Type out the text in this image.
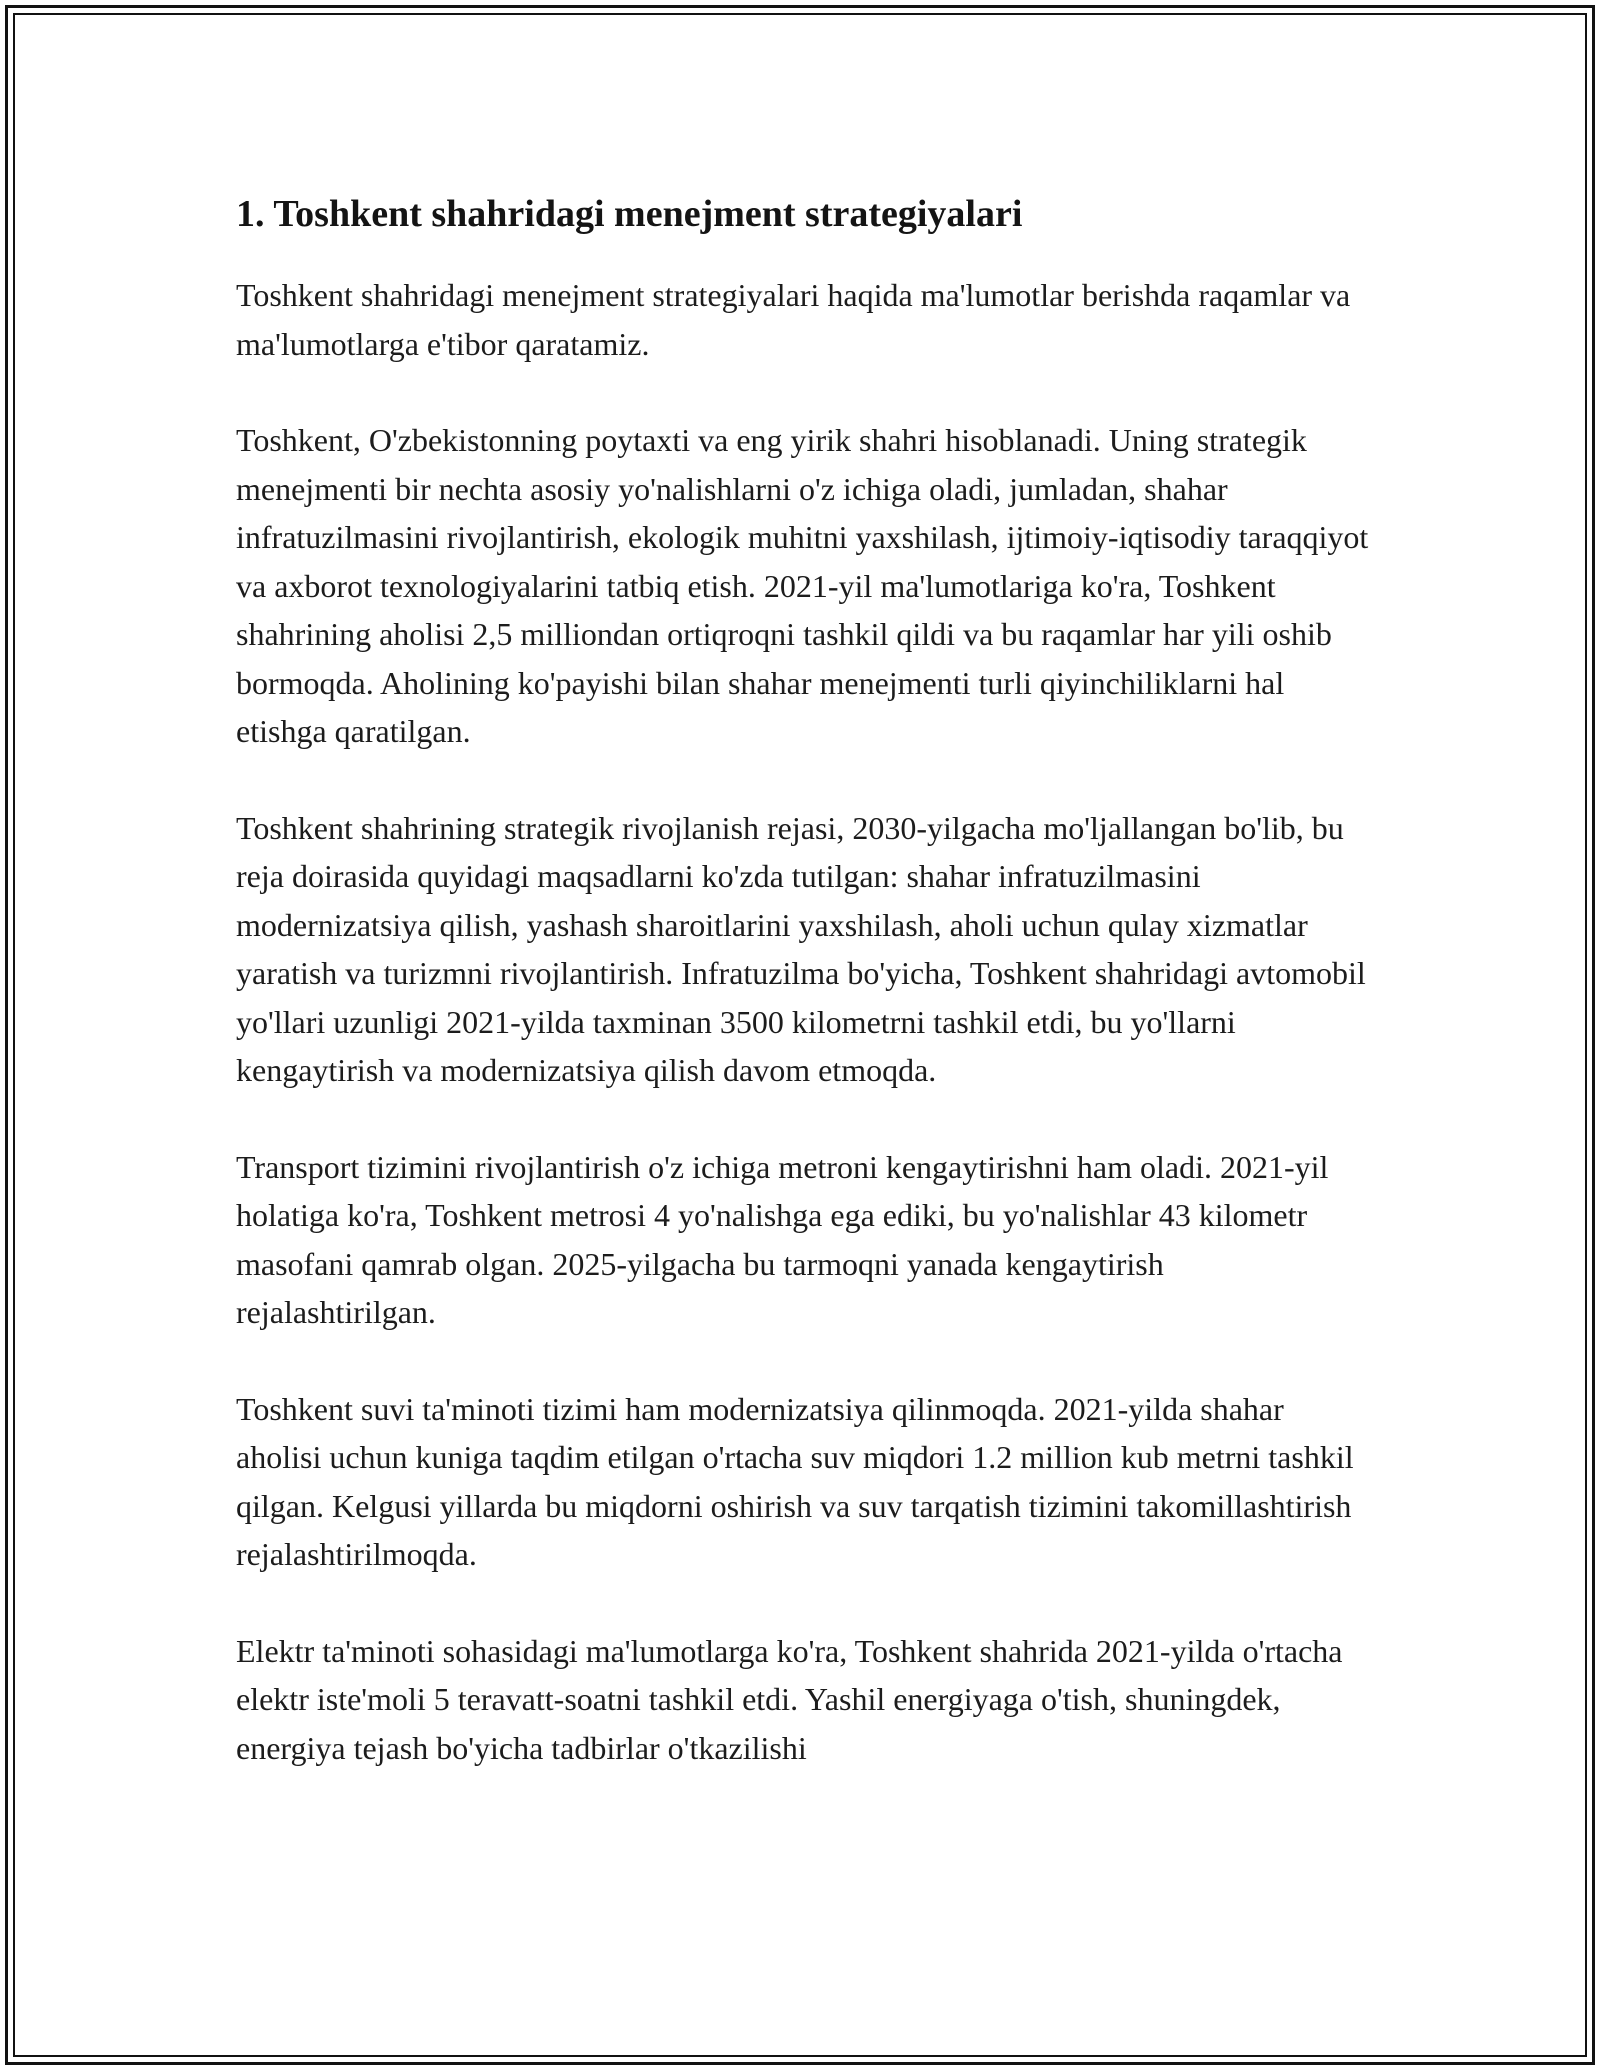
1. Toshkent shahridagi menejment strategiyalari

Toshkent shahridagi menejment strategiyalari haqida ma'lumotlar berishda raqamlar va ma'lumotlarga e'tibor qaratamiz.

Toshkent, O'zbekistonning poytaxti va eng yirik shahri hisoblanadi. Uning strategik menejmenti bir nechta asosiy yo'nalishlarni o'z ichiga oladi, jumladan, shahar infratuzilmasini rivojlantirish, ekologik muhitni yaxshilash, ijtimoiy-iqtisodiy taraqqiyot va axborot texnologiyalarini tatbiq etish. 2021-yil ma'lumotlariga ko'ra, Toshkent shahrining aholisi 2,5 milliondan ortiqroqni tashkil qildi va bu raqamlar har yili oshib bormoqda. Aholining ko'payishi bilan shahar menejmenti turli qiyinchiliklarni hal etishga qaratilgan.

Toshkent shahrining strategik rivojlanish rejasi, 2030-yilgacha mo'ljallangan bo'lib, bu reja doirasida quyidagi maqsadlarni ko'zda tutilgan: shahar infratuzilmasini modernizatsiya qilish, yashash sharoitlarini yaxshilash, aholi uchun qulay xizmatlar yaratish va turizmni rivojlantirish. Infratuzilma bo'yicha, Toshkent shahridagi avtomobil yo'llari uzunligi 2021-yilda taxminan 3500 kilometrni tashkil etdi, bu yo'llarni kengaytirish va modernizatsiya qilish davom etmoqda.

Transport tizimini rivojlantirish o'z ichiga metroni kengaytirishni ham oladi. 2021-yil holatiga ko'ra, Toshkent metrosi 4 yo'nalishga ega ediki, bu yo'nalishlar 43 kilometr masofani qamrab olgan. 2025-yilgacha bu tarmoqni yanada kengaytirish rejalashtirilgan.

Toshkent suvi ta'minoti tizimi ham modernizatsiya qilinmoqda. 2021-yilda shahar aholisi uchun kuniga taqdim etilgan o'rtacha suv miqdori 1.2 million kub metrni tashkil qilgan. Kelgusi yillarda bu miqdorni oshirish va suv tarqatish tizimini takomillashtirish rejalashtirilmoqda.

Elektr ta'minoti sohasidagi ma'lumotlarga ko'ra, Toshkent shahrida 2021-yilda o'rtacha elektr iste'moli 5 teravatt-soatni tashkil etdi. Yashil energiyaga o'tish, shuningdek, energiya tejash bo'yicha tadbirlar o'tkazilishi
